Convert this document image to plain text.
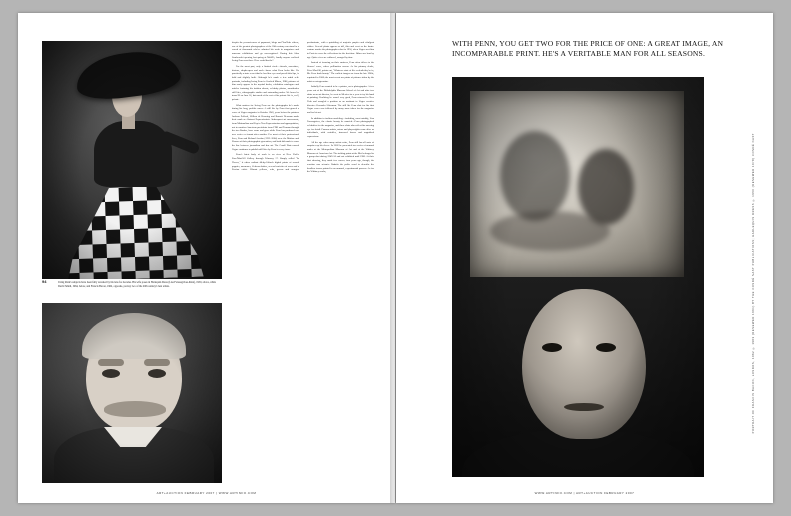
94	Irving Penn's subjects have been fully revealed by his lens for decades. His wife poses in Harlequin Dress (Lisa Fonssagrives-Penn), 1950, above, while David Smith, 1964, below, and Francis Bacon, 1962, opposite, portray two of the 20th century's best artists.

despite the pervasiveness of paparazzi, blogs and YouTube videos, one of the greatest photographers of the 20th century can stand in a crowd of thousands who've admired his work in magazines and museum exhibitions and go unrecognized. During this John Szarkowski opening last spring at MoMA, hardly anyone realized Irving Penn was there. How could that be?

For the most part, only a limited circle—friends, associates, doctors, shopkeepers and such—know what Penn looks like. It's practically a state secret that he has blue eyes and pencil-thin lips, is bald and slightly built. Although he's made a few artful self-portraits, including Irving Penn in Cracked Mirror, 1986, pictures of him rarely appear in the myriad books, exhibition catalogues and articles featuring his fashion shoots, celebrity photos, unorthodox still lifes, ethnographic studies and astounding nudes. We know he turns 90 on June 16, but much of the rest of his private life is, well, private.

What matters for Irving Penn are the photographs he's made during his long, prolific career. A still life by Penn first graced a cover of Vogue magazine in October 1943, years before the painters Jackson Pollock, Willem de Kooning and Barnett Newman made their mark as Abstract Expressionists. Subsequent art movements, from Minimalism and Pop to Neo-Expressionism and appropriation, not to mention American presidents from FDR and Truman through the two Bushes, have come and gone while Penn has produced one new series or format after another. For most of their professional lives, Penn and Richard Avedon (1923–2004) were the Matisse and Picasso of their photographic generation, and both did much to erase the line between journalism and fine art. The Condé Nast–owned Vogue continues to publish still lifes by Penn in every issue.

Penn's latest body of work is on view at New York's Pace/MacGill Gallery through February 17. Simply called "In Flower," it offers radiant 46-by-24-inch digital prints of seared poppies, anemones, Gerbera daisies, several varieties of roses and a Persian violet. Vibrant yellows, reds, greens and oranges predominate, with a sprinkling of majestic purples and effulgent whites. Several plants appear as tall, thin and erect as the haute-couture modes the photographer shot in 1950, when Vogue sent him to Paris to cover the collections for the first time. Others are bent by age. Quite a few are withered, ravaged by time.

Instead of focusing on their surfaces, Penn often delves to the flowers' cores, where pollination occurs. As his primary dealer, Peter MacGill, points out, "Whatever state of life or death they're in, Mr. Penn finds beauty." The earliest images are from the late 1960s, reprinted in 2006; the most recent are prints of pictures taken by the artist as octogenarian.

Initially Penn wanted to be a painter, not a photographer. A few years out of the Philadelphia Museum School of Art and after two stints as an art director, he went to Mexico for a year to try his hand at painting. Realizing he wasn't very good, Penn returned to New York and wangled a position as an assistant to Vogue creative director Alexander Liberman. The still life Penn shot for his first Vogue cover was followed by many more taken for the magazine and for his art.

In addition to fashion modeling—including, most notably, Lisa Fonssagrives, the classic beauty he married—Penn photographed celebrities for the magazine, and these shots also reflect his unerring eye for detail. Famous artists, actors and playwrights come alive as individuals, with wrinkles, furrowed brows and anguished expressions.

All the age when many artists retire, Penn still has all sorts of surprises up his sleeve. In 2002 he presented two series of unusual nudes at the Metropolitan Museum of Art and at the Whitney Museum of American Art. The striking prints at the Met belonged to a group shot during 1949–50 and not exhibited until 1980. At their first showing, they made few waves; four years ago, though, the reaction was seismic: Rubaiis the polite word to describe the headless torsos printed in an unusual, experimental process. As for the Whitney works,

ART+AUCTION FEBRUARY 2007 | WWW.ARTINFO.COM
WITH PENN, YOU GET TWO FOR THE PRICE OF ONE: A GREAT IMAGE, AN INCOMPARABLE PRINT. HE'S A VERITABLE MAN FOR ALL SEASONS.
PORTRAIT OF FRANCIS BACON, LONDON, 1962 © 1963 (RENEWED 1991) BY THE CONDÉ NAST PUBLICATIONS; HARLEQUIN DRESS © 1950 (RENEWED 1978) CONDÉ NAST
WWW.ARTINFO.COM | ART+AUCTION FEBRUARY 2007
